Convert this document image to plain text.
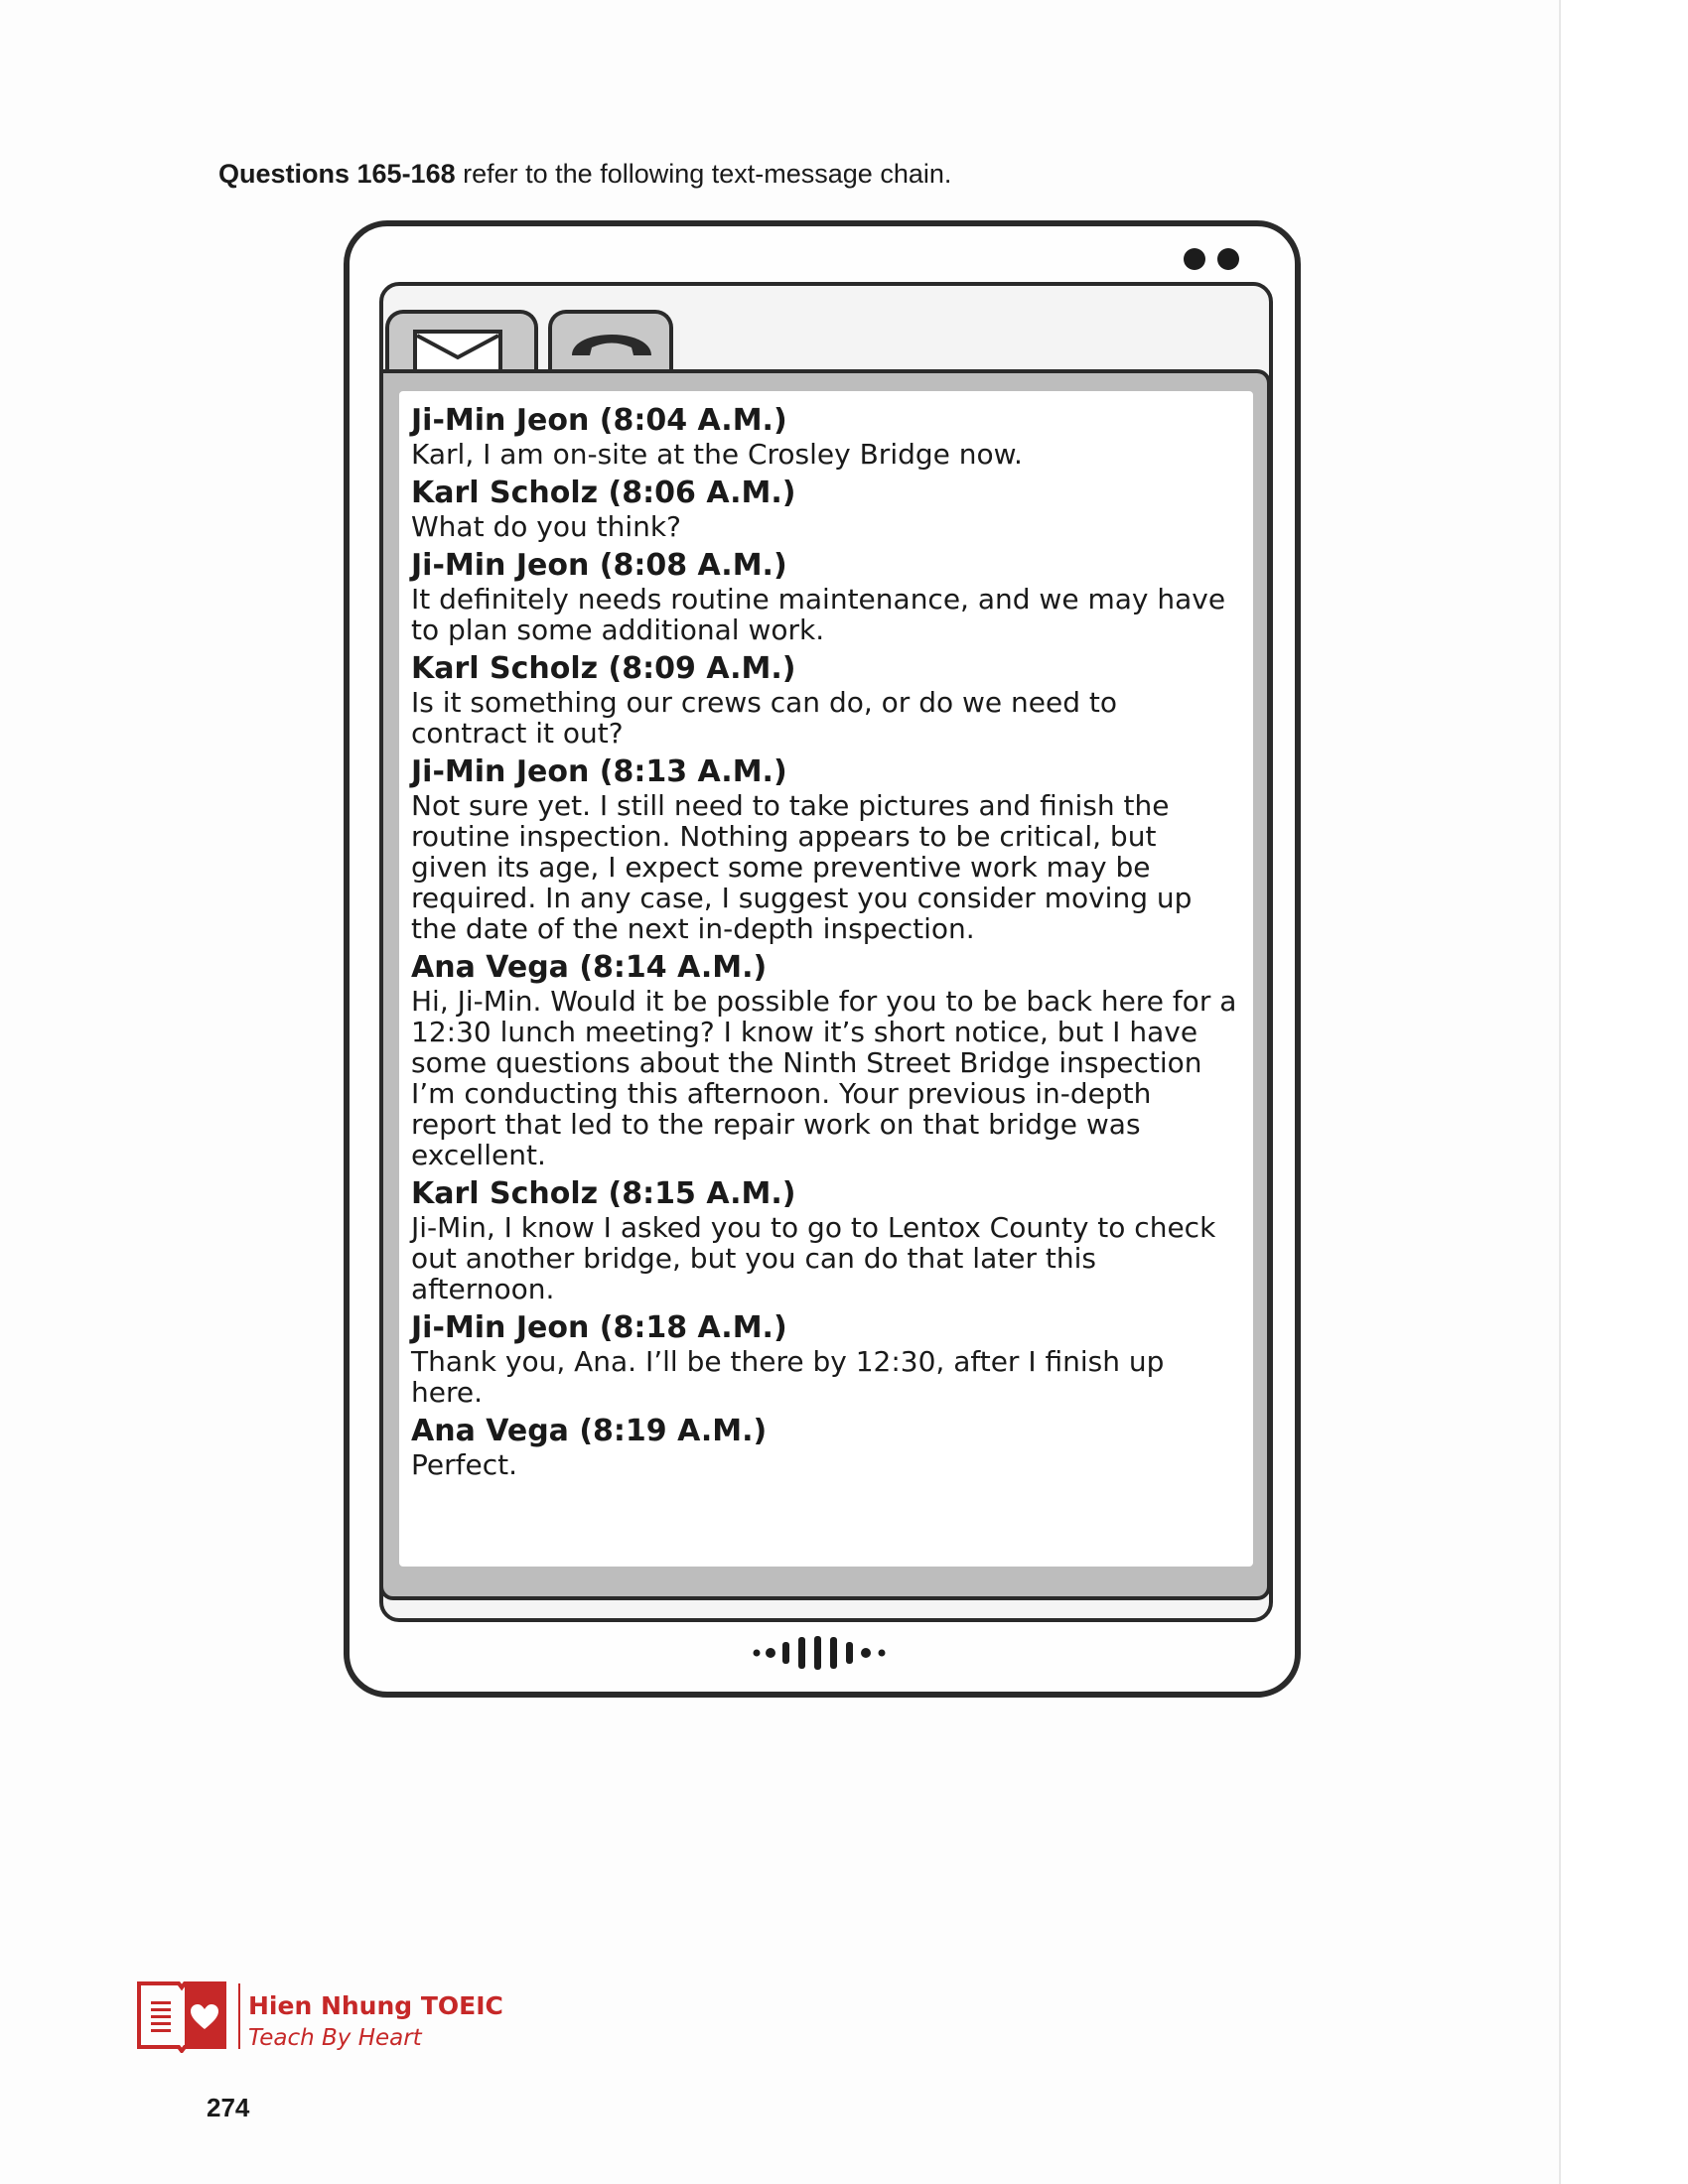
Questions 165-168 refer to the following text-message chain.
Ji-Min Jeon (8:04 A.M.)
Karl, I am on-site at the Crosley Bridge now.
Karl Scholz (8:06 A.M.)
What do you think?
Ji-Min Jeon (8:08 A.M.)
It definitely needs routine maintenance, and we may have to plan some additional work.
Karl Scholz (8:09 A.M.)
Is it something our crews can do, or do we need to contract it out?
Ji-Min Jeon (8:13 A.M.)
Not sure yet. I still need to take pictures and finish the routine inspection. Nothing appears to be critical, but given its age, I expect some preventive work may be required. In any case, I suggest you consider moving up the date of the next in-depth inspection.
Ana Vega (8:14 A.M.)
Hi, Ji-Min. Would it be possible for you to be back here for a 12:30 lunch meeting? I know it’s short notice, but I have some questions about the Ninth Street Bridge inspection I’m conducting this afternoon. Your previous in-depth report that led to the repair work on that bridge was excellent.
Karl Scholz (8:15 A.M.)
Ji-Min, I know I asked you to go to Lentox County to check out another bridge, but you can do that later this afternoon.
Ji-Min Jeon (8:18 A.M.)
Thank you, Ana. I’ll be there by 12:30, after I finish up here.
Ana Vega (8:19 A.M.)
Perfect.
Hien Nhung TOEIC
Teach By Heart
274
